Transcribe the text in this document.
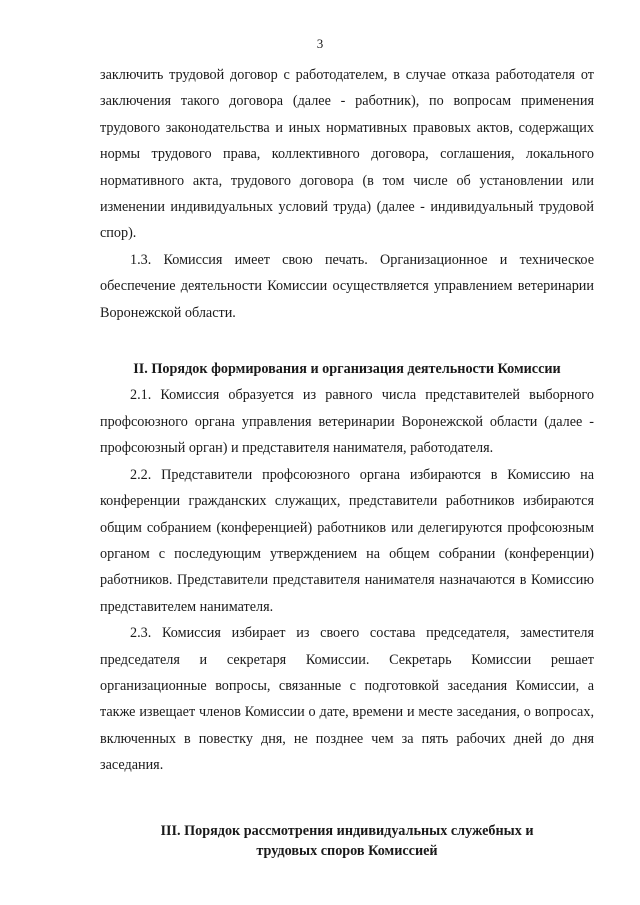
3

заключить трудовой договор с работодателем, в случае отказа работодателя от заключения такого договора (далее - работник), по вопросам применения трудового законодательства и иных нормативных правовых актов, содержащих нормы трудового права, коллективного договора, соглашения, локального нормативного акта, трудового договора (в том числе об установлении или изменении индивидуальных условий труда) (далее - индивидуальный трудовой спор).

1.3. Комиссия имеет свою печать. Организационное и техническое обеспечение деятельности Комиссии осуществляется управлением ветеринарии Воронежской области.

II. Порядок формирования и организация деятельности Комиссии

2.1. Комиссия образуется из равного числа представителей выборного профсоюзного органа управления ветеринарии Воронежской области (далее - профсоюзный орган) и представителя нанимателя, работодателя.

2.2. Представители профсоюзного органа избираются в Комиссию на конференции гражданских служащих, представители работников избираются общим собранием (конференцией) работников или делегируются профсоюзным органом с последующим утверждением на общем собрании (конференции) работников. Представители представителя нанимателя назначаются в Комиссию представителем нанимателя.

2.3. Комиссия избирает из своего состава председателя, заместителя председателя и секретаря Комиссии. Секретарь Комиссии решает организационные вопросы, связанные с подготовкой заседания Комиссии, а также извещает членов Комиссии о дате, времени и месте заседания, о вопросах, включенных в повестку дня, не позднее чем за пять рабочих дней до дня заседания.

III. Порядок рассмотрения индивидуальных служебных и
трудовых споров Комиссией
